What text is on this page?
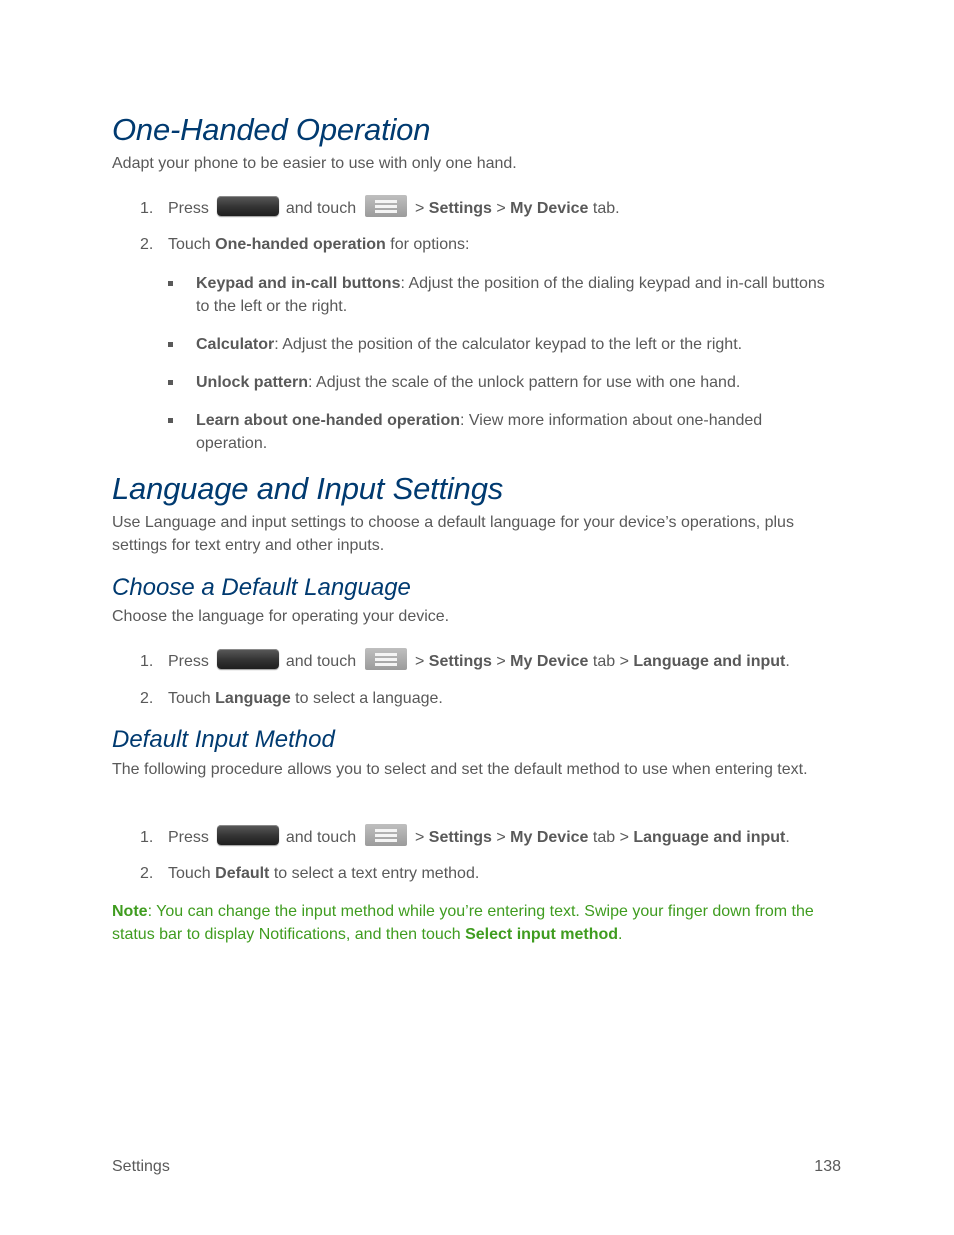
One-Handed Operation

Adapt your phone to be easier to use with only one hand.

1. Press	and touch	> Settings > My Device tab.
2. Touch One-handed operation for options:
Keypad and in-call buttons: Adjust the position of the dialing keypad and in-call buttons to the left or the right.
Calculator: Adjust the position of the calculator keypad to the left or the right.
Unlock pattern: Adjust the scale of the unlock pattern for use with one hand.
Learn about one-handed operation: View more information about one-handed operation.
Language and Input Settings

Use Language and input settings to choose a default language for your device’s operations, plus settings for text entry and other inputs.

Choose a Default Language

Choose the language for operating your device.

1. Press	and touch	> Settings > My Device tab > Language and input.
2. Touch Language to select a language.
Default Input Method

The following procedure allows you to select and set the default method to use when entering text.

1. Press	and touch	> Settings > My Device tab > Language and input.
2. Touch Default to select a text entry method.
Note: You can change the input method while you’re entering text. Swipe your finger down from the status bar to display Notifications, and then touch Select input method.
Settings	138
